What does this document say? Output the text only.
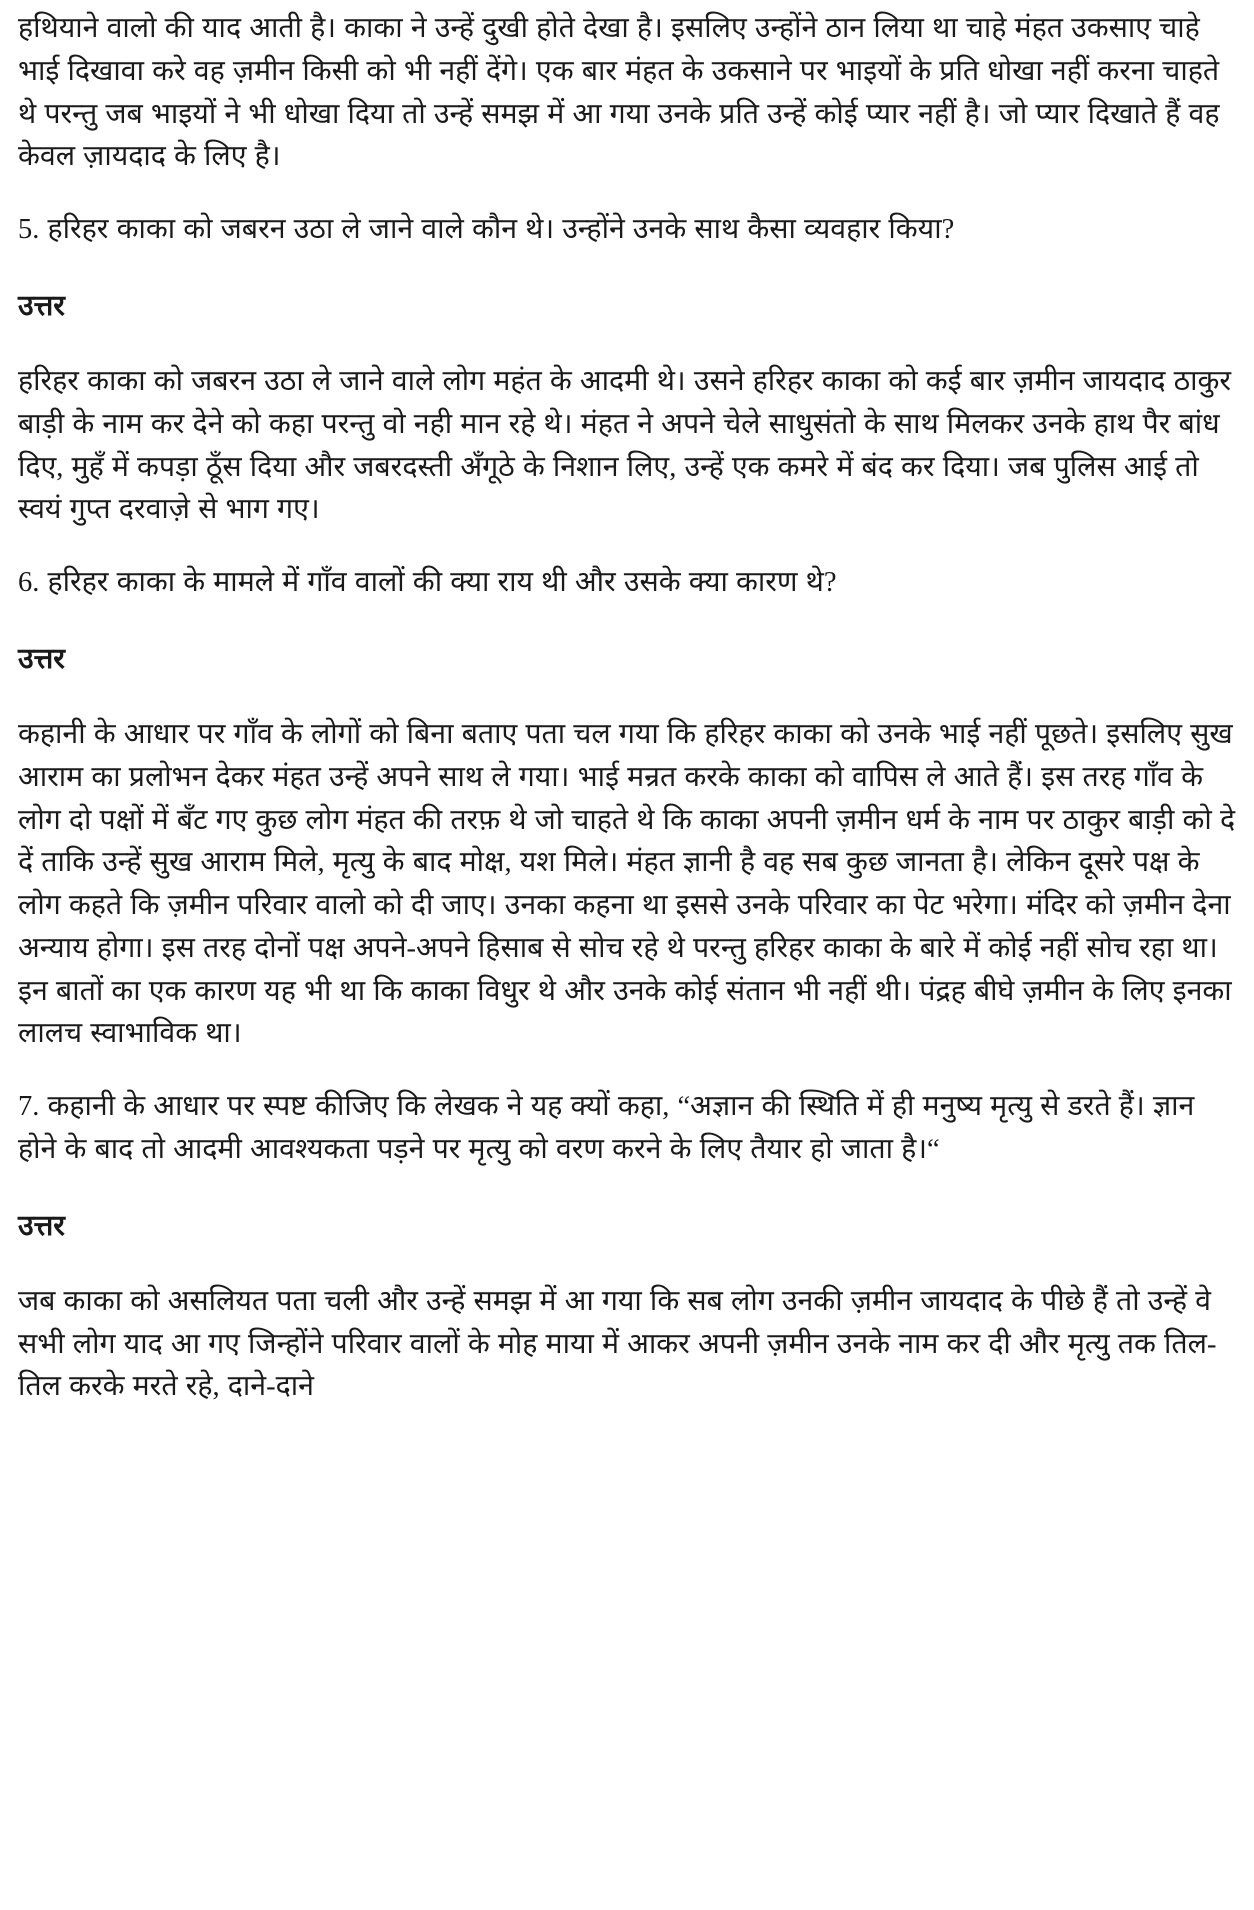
हथियाने वालो की याद आती है। काका ने उन्हें दुखी होते देखा है। इसलिए उन्होंने ठान लिया था चाहे मंहत उकसाए चाहे भाई दिखावा करे वह ज़मीन किसी को भी नहीं देंगे। एक बार मंहत के उकसाने पर भाइयों के प्रति धोखा नहीं करना चाहते थे परन्तु जब भाइयों ने भी धोखा दिया तो उन्हें समझ में आ गया उनके प्रति उन्हें कोई प्यार नहीं है। जो प्यार दिखाते हैं वह केवल ज़ायदाद के लिए है।

5. हरिहर काका को जबरन उठा ले जाने वाले कौन थे। उन्होंने उनके साथ कैसा व्यवहार किया?

उत्तर

हरिहर काका को जबरन उठा ले जाने वाले लोग महंत के आदमी थे। उसने हरिहर काका को कई बार ज़मीन जायदाद ठाकुर बाड़ी के नाम कर देने को कहा परन्तु वो नही मान रहे थे। मंहत ने अपने चेले साधुसंतो के साथ मिलकर उनके हाथ पैर बांध दिए, मुहँ में कपड़ा ठूँस दिया और जबरदस्ती अँगूठे के निशान लिए, उन्हें एक कमरे में बंद कर दिया। जब पुलिस आई तो स्वयं गुप्त दरवाज़े से भाग गए।

6. हरिहर काका के मामले में गाँव वालों की क्या राय थी और उसके क्या कारण थे?

उत्तर

कहानी के आधार पर गाँव के लोगों को बिना बताए पता चल गया कि हरिहर काका को उनके भाई नहीं पूछते। इसलिए सुख आराम का प्रलोभन देकर मंहत उन्हें अपने साथ ले गया। भाई मन्रत करके काका को वापिस ले आते हैं। इस तरह गाँव के लोग दो पक्षों में बँट गए कुछ लोग मंहत की तरफ़ थे जो चाहते थे कि काका अपनी ज़मीन धर्म के नाम पर ठाकुर बाड़ी को दे दें ताकि उन्हें सुख आराम मिले, मृत्यु के बाद मोक्ष, यश मिले। मंहत ज्ञानी है वह सब कुछ जानता है। लेकिन दूसरे पक्ष के लोग कहते कि ज़मीन परिवार वालो को दी जाए। उनका कहना था इससे उनके परिवार का पेट भरेगा। मंदिर को ज़मीन देना अन्याय होगा। इस तरह दोनों पक्ष अपने-अपने हिसाब से सोच रहे थे परन्तु हरिहर काका के बारे में कोई नहीं सोच रहा था। इन बातों का एक कारण यह भी था कि काका विधुर थे और उनके कोई संतान भी नहीं थी। पंद्रह बीघे ज़मीन के लिए इनका लालच स्वाभाविक था।

7. कहानी के आधार पर स्पष्ट कीजिए कि लेखक ने यह क्यों कहा, “अज्ञान की स्थिति में ही मनुष्य मृत्यु से डरते हैं। ज्ञान होने के बाद तो आदमी आवश्यकता पड़ने पर मृत्यु को वरण करने के लिए तैयार हो जाता है।“

उत्तर

जब काका को असलियत पता चली और उन्हें समझ में आ गया कि सब लोग उनकी ज़मीन जायदाद के पीछे हैं तो उन्हें वे सभी लोग याद आ गए जिन्होंने परिवार वालों के मोह माया में आकर अपनी ज़मीन उनके नाम कर दी और मृत्यु तक तिल-तिल करके मरते रहे, दाने-दाने
